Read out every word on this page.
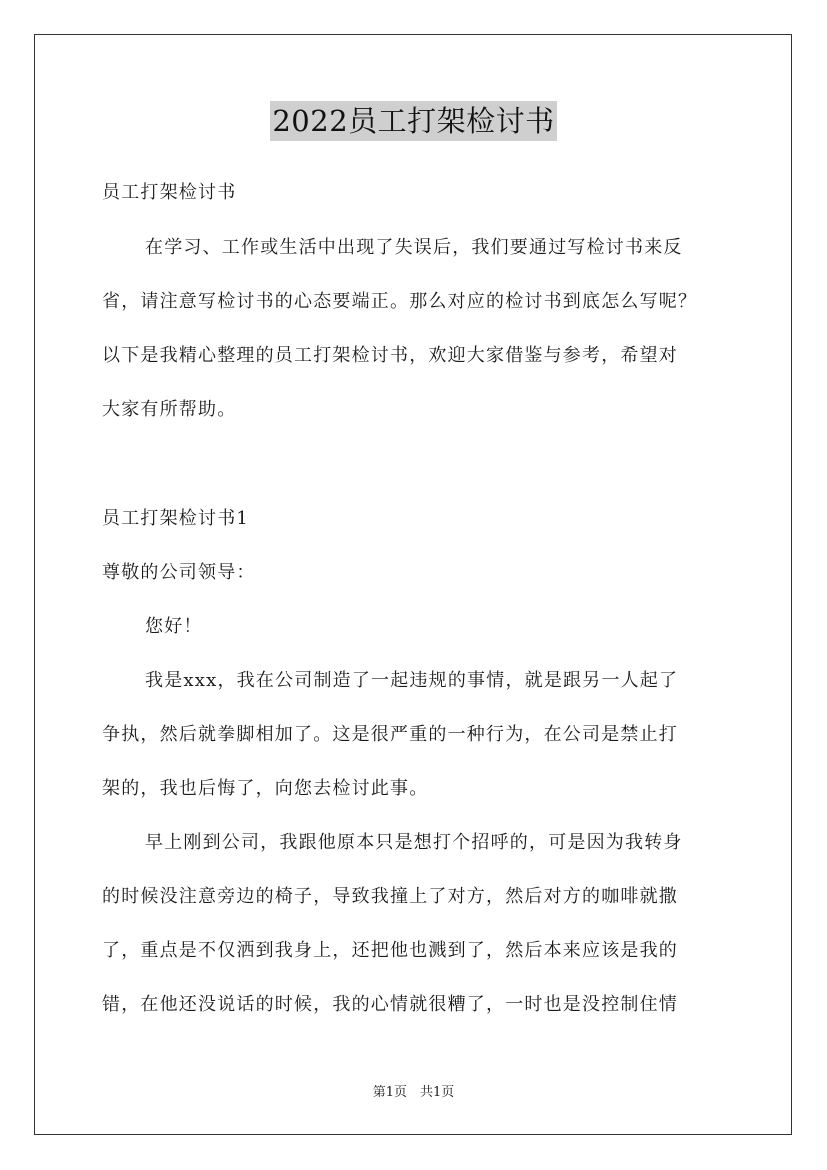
2022员工打架检讨书
员工打架检讨书
在学习、工作或生活中出现了失误后，我们要通过写检讨书来反
省，请注意写检讨书的心态要端正。那么对应的检讨书到底怎么写呢？
以下是我精心整理的员工打架检讨书，欢迎大家借鉴与参考，希望对
大家有所帮助。
员工打架检讨书1
尊敬的公司领导：
您好！
我是xxx，我在公司制造了一起违规的事情，就是跟另一人起了
争执，然后就拳脚相加了。这是很严重的一种行为，在公司是禁止打
架的，我也后悔了，向您去检讨此事。
早上刚到公司，我跟他原本只是想打个招呼的，可是因为我转身
的时候没注意旁边的椅子，导致我撞上了对方，然后对方的咖啡就撒
了，重点是不仅洒到我身上，还把他也溅到了，然后本来应该是我的
错，在他还没说话的时候，我的心情就很糟了，一时也是没控制住情
第1页　共1页
